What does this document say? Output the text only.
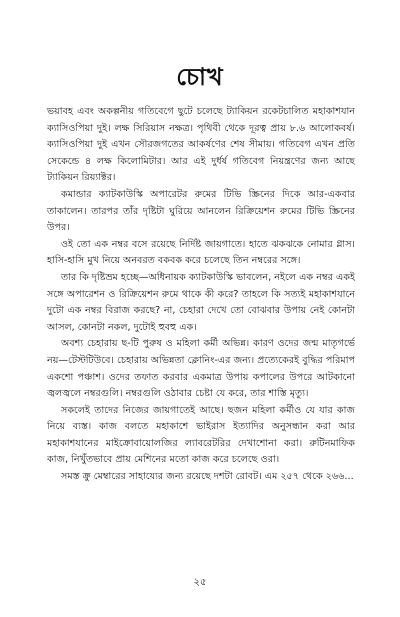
চোখ

ভয়াবহ এবং অকল্পনীয় গতিবেগে ছুটে চলেছে ট্যাকিয়ন রকেটচালিত মহাকাশযান ক্যাসিওপিয়া দুই। লক্ষ সিরিয়াস নক্ষত্র। পৃথিবী থেকে দূরত্ব প্রায় ৮.৬ আলোকবর্ষ। ক্যাসিওপিয়া দুই এখন সৌরজগতের আকর্ষণের শেষ সীমায়। গতিবেগ এখন প্রতি সেকেন্ডে ৪ লক্ষ কিলোমিটার। আর এই দুর্ধর্ষ গতিবেগ নিয়ন্ত্রণের জন্য আছে ট্যাকিয়ন রিয়্যাক্টর।

কমান্ডার ক্যাটকাউস্কি অপারেটর রুমের টিভি স্ক্রিনের দিকে আর-একবার তাকালেন। তারপর তাঁর দৃষ্টিটা ঘুরিয়ে আনলেন রিক্রিয়েশন রুমের টিভি স্ক্রিনের উপর।

ওই তো এক নম্বর বসে রয়েছে নির্দিষ্ট জায়গাতে। হাতে ঝকঝকে নোমার গ্লাস। হাসি-হাসি মুখ নিয়ে অনবরত বকবক করে চলেছে তিন নম্বরের সঙ্গে।

তার কি দৃষ্টিভ্রম হচ্ছে—অধিনায়ক ক্যাটকাউস্কি ভাবলেন, নইলে এক নম্বর একই সঙ্গে অপারেশন ও রিক্রিয়েশন রুমে থাকে কী করে? তাহলে কি সত্যই মহাকাশযানে দুটো এক নম্বর বিরাজ করছে? না, চেহারা দেখে তো বোঝবার উপায় নেই কোনটা আসল, কোনটা নকল, দুটোই হুবহু এক।

অবশ্য চেহারায় ছ-টি পুরুষ ও মহিলা কর্মী অভিন্ন। কারণ ওদের জন্ম মাতৃগর্ভে নয়—টেস্টটিউবে। চেহারায় অভিন্নতা ক্লোনিং-এর জন্য। প্রত্যেকেরই বুদ্ধির পরিমাপ একশো পঞ্চাশ। ওদের তফাত করবার একমাত্র উপায় কপালের উপরে আটকানো জ্বলজ্বলে নম্বরগুলি। নম্বরগুলি ওঠাবার চেষ্টা যে করে, তার শাস্তি মৃত্যু।

সকলেই তাদের নিজের জায়গাতেই আছে। ছজন মহিলা কর্মীও যে যার কাজ নিয়ে ব্যস্ত। কাজ বলতে মহাকাশে ভাইরাস ইত্যাদির অনুসন্ধান করা আর মহাকাশযানের মাইক্রোবায়োলজির ল্যাবরেটরির দেখাশোনা করা। রুটিনমাফিক কাজ, নিখুঁতভাবে প্রায় মেশিনের মতো কাজ করে চলেছে ওরা।

সমস্ত ক্রু মেম্বারের সাহায্যের জন্য রয়েছে দশটা রোবট। এম ২৫৭ থেকে ২৬৬...

২৫
